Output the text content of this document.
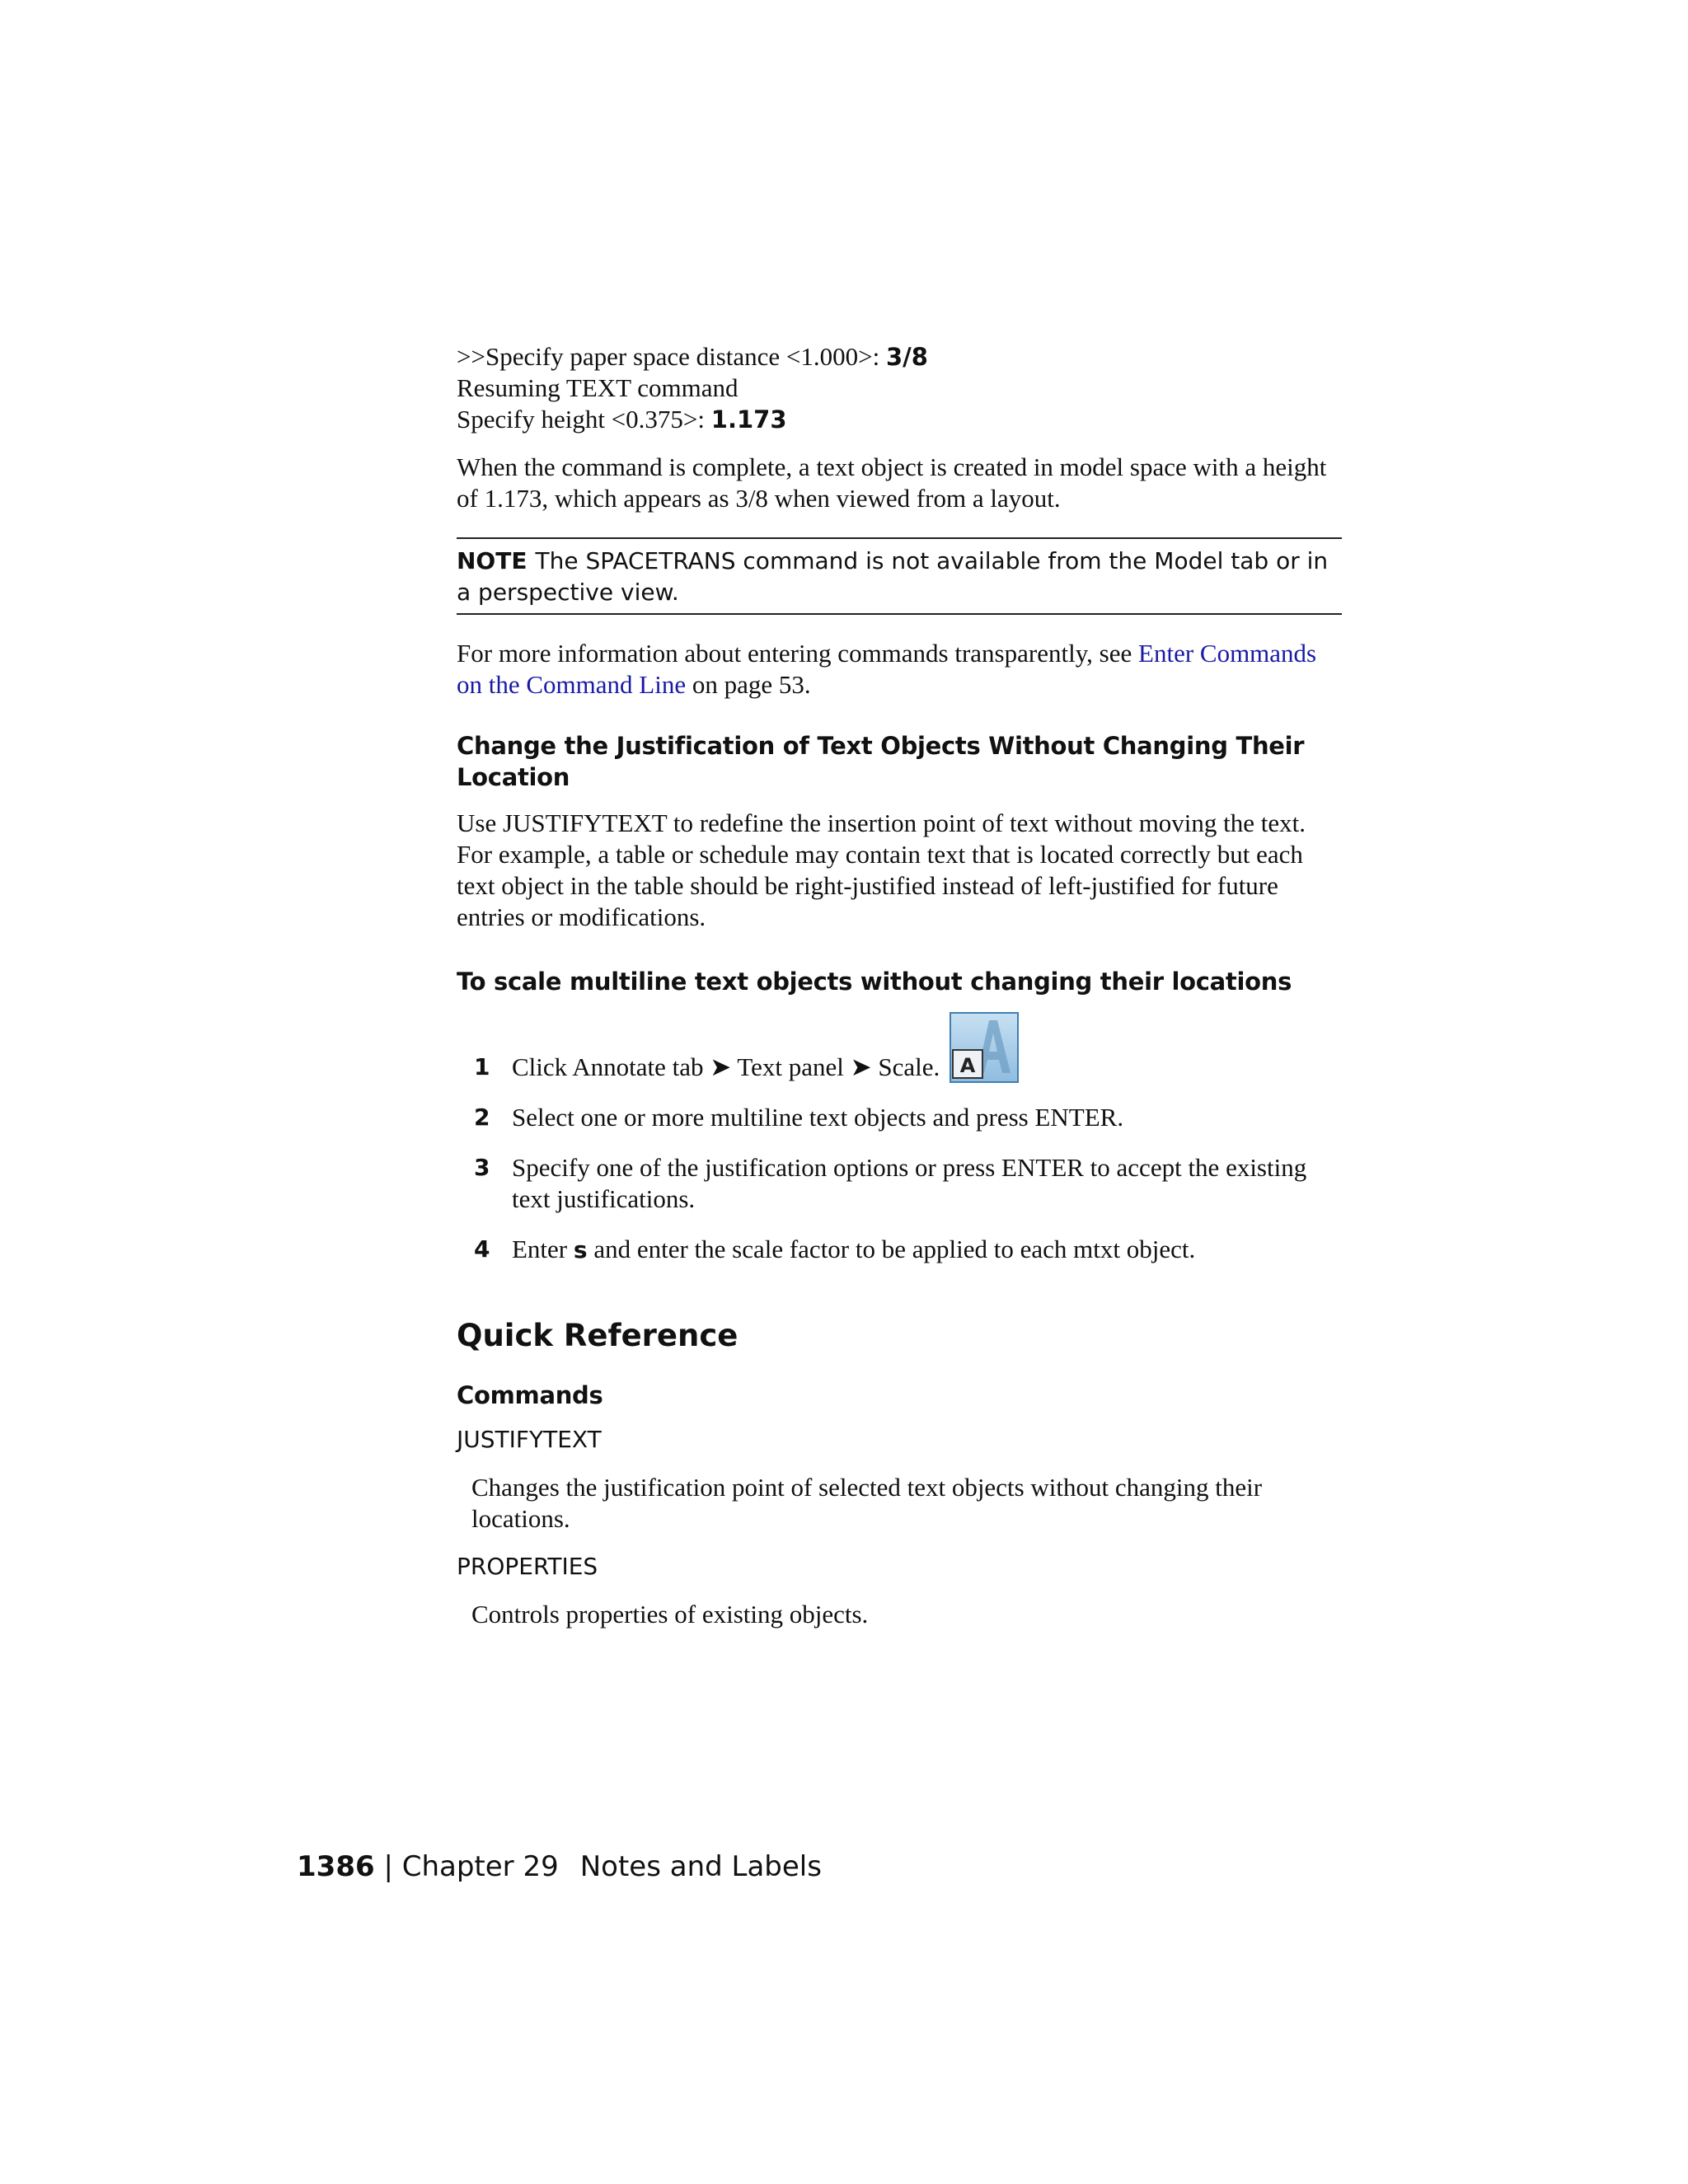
>>Specify paper space distance <1.000>: 3/8
Resuming TEXT command
Specify height <0.375>: 1.173

When the command is complete, a text object is created in model space with a height of 1.173, which appears as 3/8 when viewed from a layout.

NOTE The SPACETRANS command is not available from the Model tab or in a perspective view.

For more information about entering commands transparently, see Enter Commands on the Command Line on page 53.

Change the Justification of Text Objects Without Changing Their Location

Use JUSTIFYTEXT to redefine the insertion point of text without moving the text. For example, a table or schedule may contain text that is located correctly but each text object in the table should be right-justified instead of left-justified for future entries or modifications.

To scale multiline text objects without changing their locations
1 Click Annotate tab ➤ Text panel ➤ Scale. A
2 Select one or more multiline text objects and press ENTER.
3 Specify one of the justification options or press ENTER to accept the existing text justifications.
4 Enter s and enter the scale factor to be applied to each mtxt object.
Quick Reference
Commands
JUSTIFYTEXT
Changes the justification point of selected text objects without changing their locations.
PROPERTIES
Controls properties of existing objects.
1386 | Chapter 29 Notes and Labels
